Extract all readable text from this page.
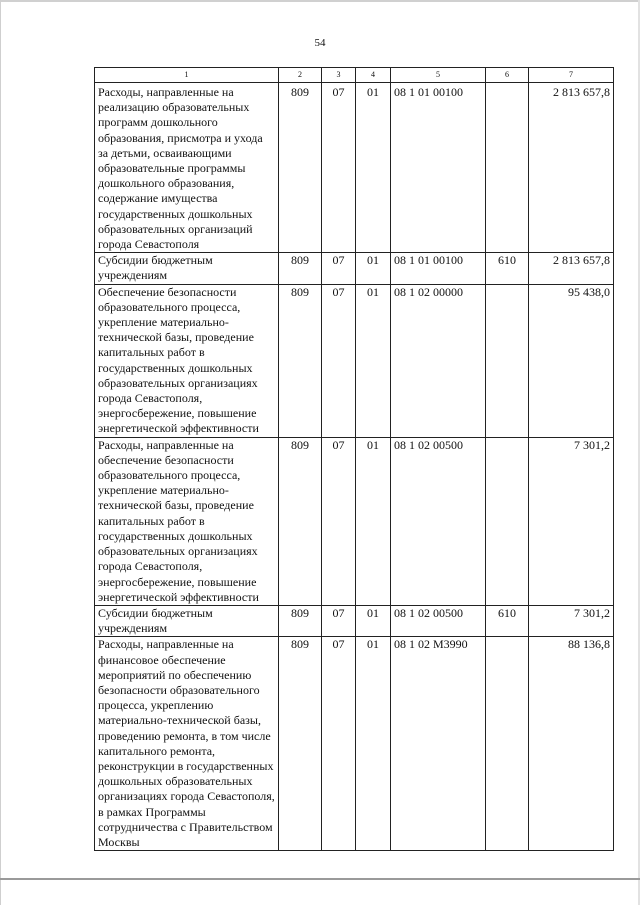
54
1	2	3	4	5	6	7
Расходы, направленные на реализацию образовательных программ дошкольного образования, присмотра и ухода за детьми, осваивающими образовательные программы дошкольного образования, содержание имущества государственных дошкольных образовательных организаций города Севастополя	809	07	01	08 1 01 00100		2 813 657,8
Субсидии бюджетным учреждениям	809	07	01	08 1 01 00100	610	2 813 657,8
Обеспечение безопасности образовательного процесса, укрепление материально-технической базы, проведение капитальных работ в государственных дошкольных образовательных организациях города Севастополя, энергосбережение, повышение энергетической эффективности	809	07	01	08 1 02 00000		95 438,0
Расходы, направленные на обеспечение безопасности образовательного процесса, укрепление материально-технической базы, проведение капитальных работ в государственных дошкольных образовательных организациях города Севастополя, энергосбережение, повышение энергетической эффективности	809	07	01	08 1 02 00500		7 301,2
Субсидии бюджетным учреждениям	809	07	01	08 1 02 00500	610	7 301,2
Расходы, направленные на финансовое обеспечение мероприятий по обеспечению безопасности образовательного процесса, укреплению материально-технической базы, проведению ремонта, в том числе капитального ремонта, реконструкции в государственных дошкольных образовательных организациях города Севастополя, в рамках Программы сотрудничества с Правительством Москвы	809	07	01	08 1 02 М3990		88 136,8
